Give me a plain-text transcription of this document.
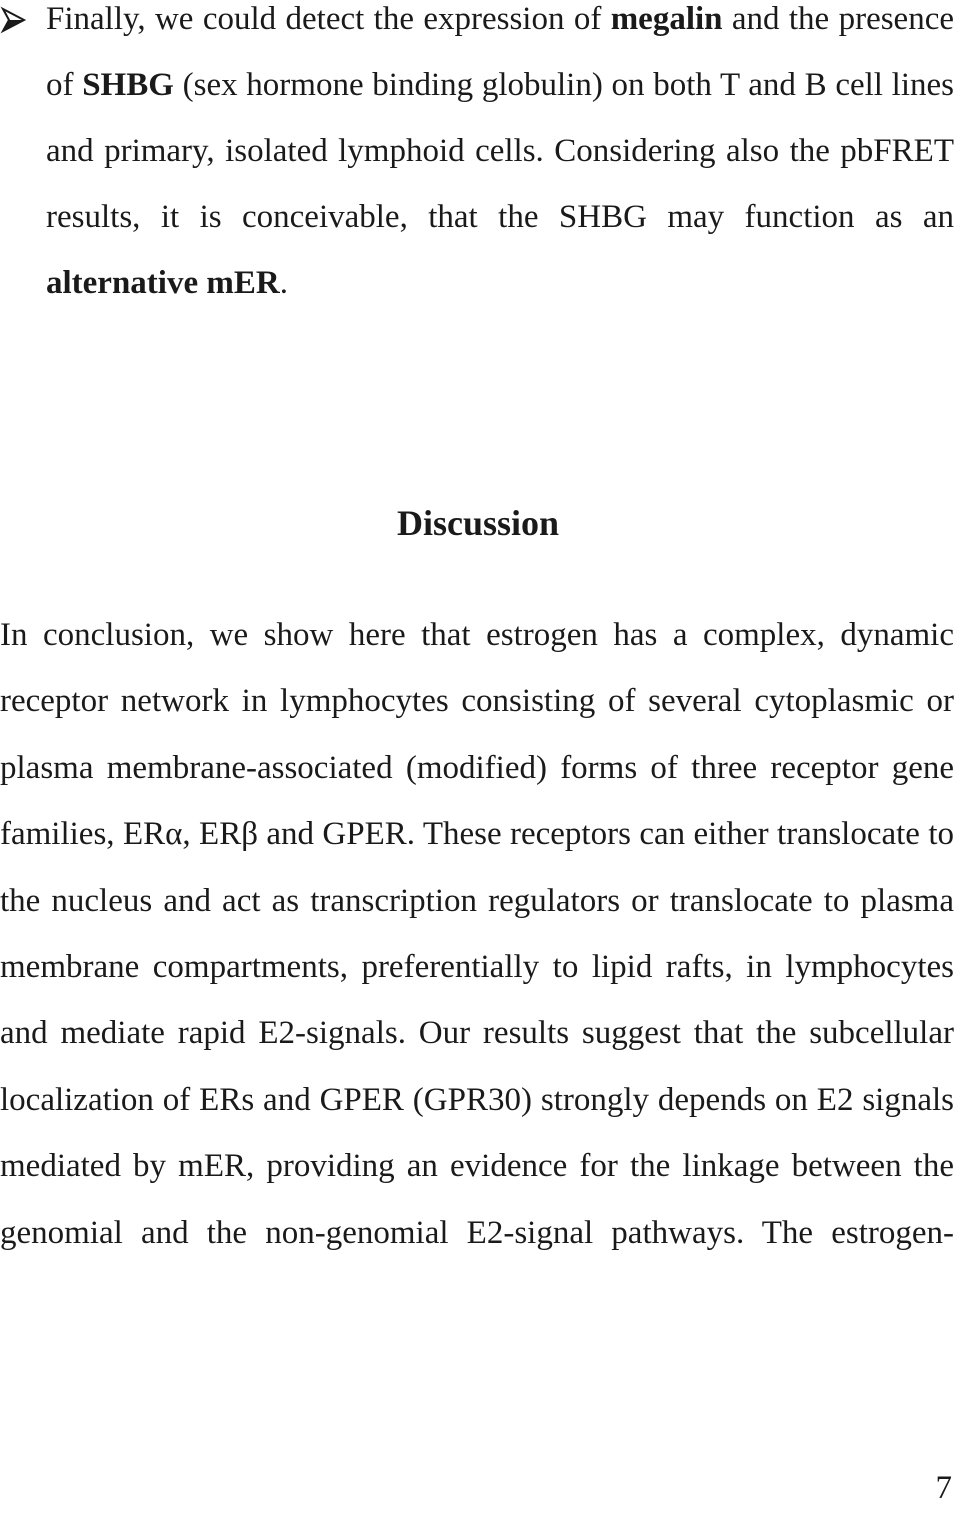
Finally, we could detect the expression of megalin and the presence of SHBG (sex hormone binding globulin) on both T and B cell lines and primary, isolated lymphoid cells. Considering also the pbFRET results, it is conceivable, that the SHBG may function as an alternative mER.

Discussion

In conclusion, we show here that estrogen has a complex, dynamic receptor network in lymphocytes consisting of several cytoplasmic or plasma membrane-associated (modified) forms of three receptor gene families, ERα, ERβ and GPER. These receptors can either translocate to the nucleus and act as transcription regulators or translocate to plasma membrane compartments, preferentially to lipid rafts, in lymphocytes and mediate rapid E2-signals. Our results suggest that the subcellular localization of ERs and GPER (GPR30) strongly depends on E2 signals mediated by mER, providing an evidence for the linkage between the genomial and the non-genomial E2-signal pathways. The estrogen-

7
